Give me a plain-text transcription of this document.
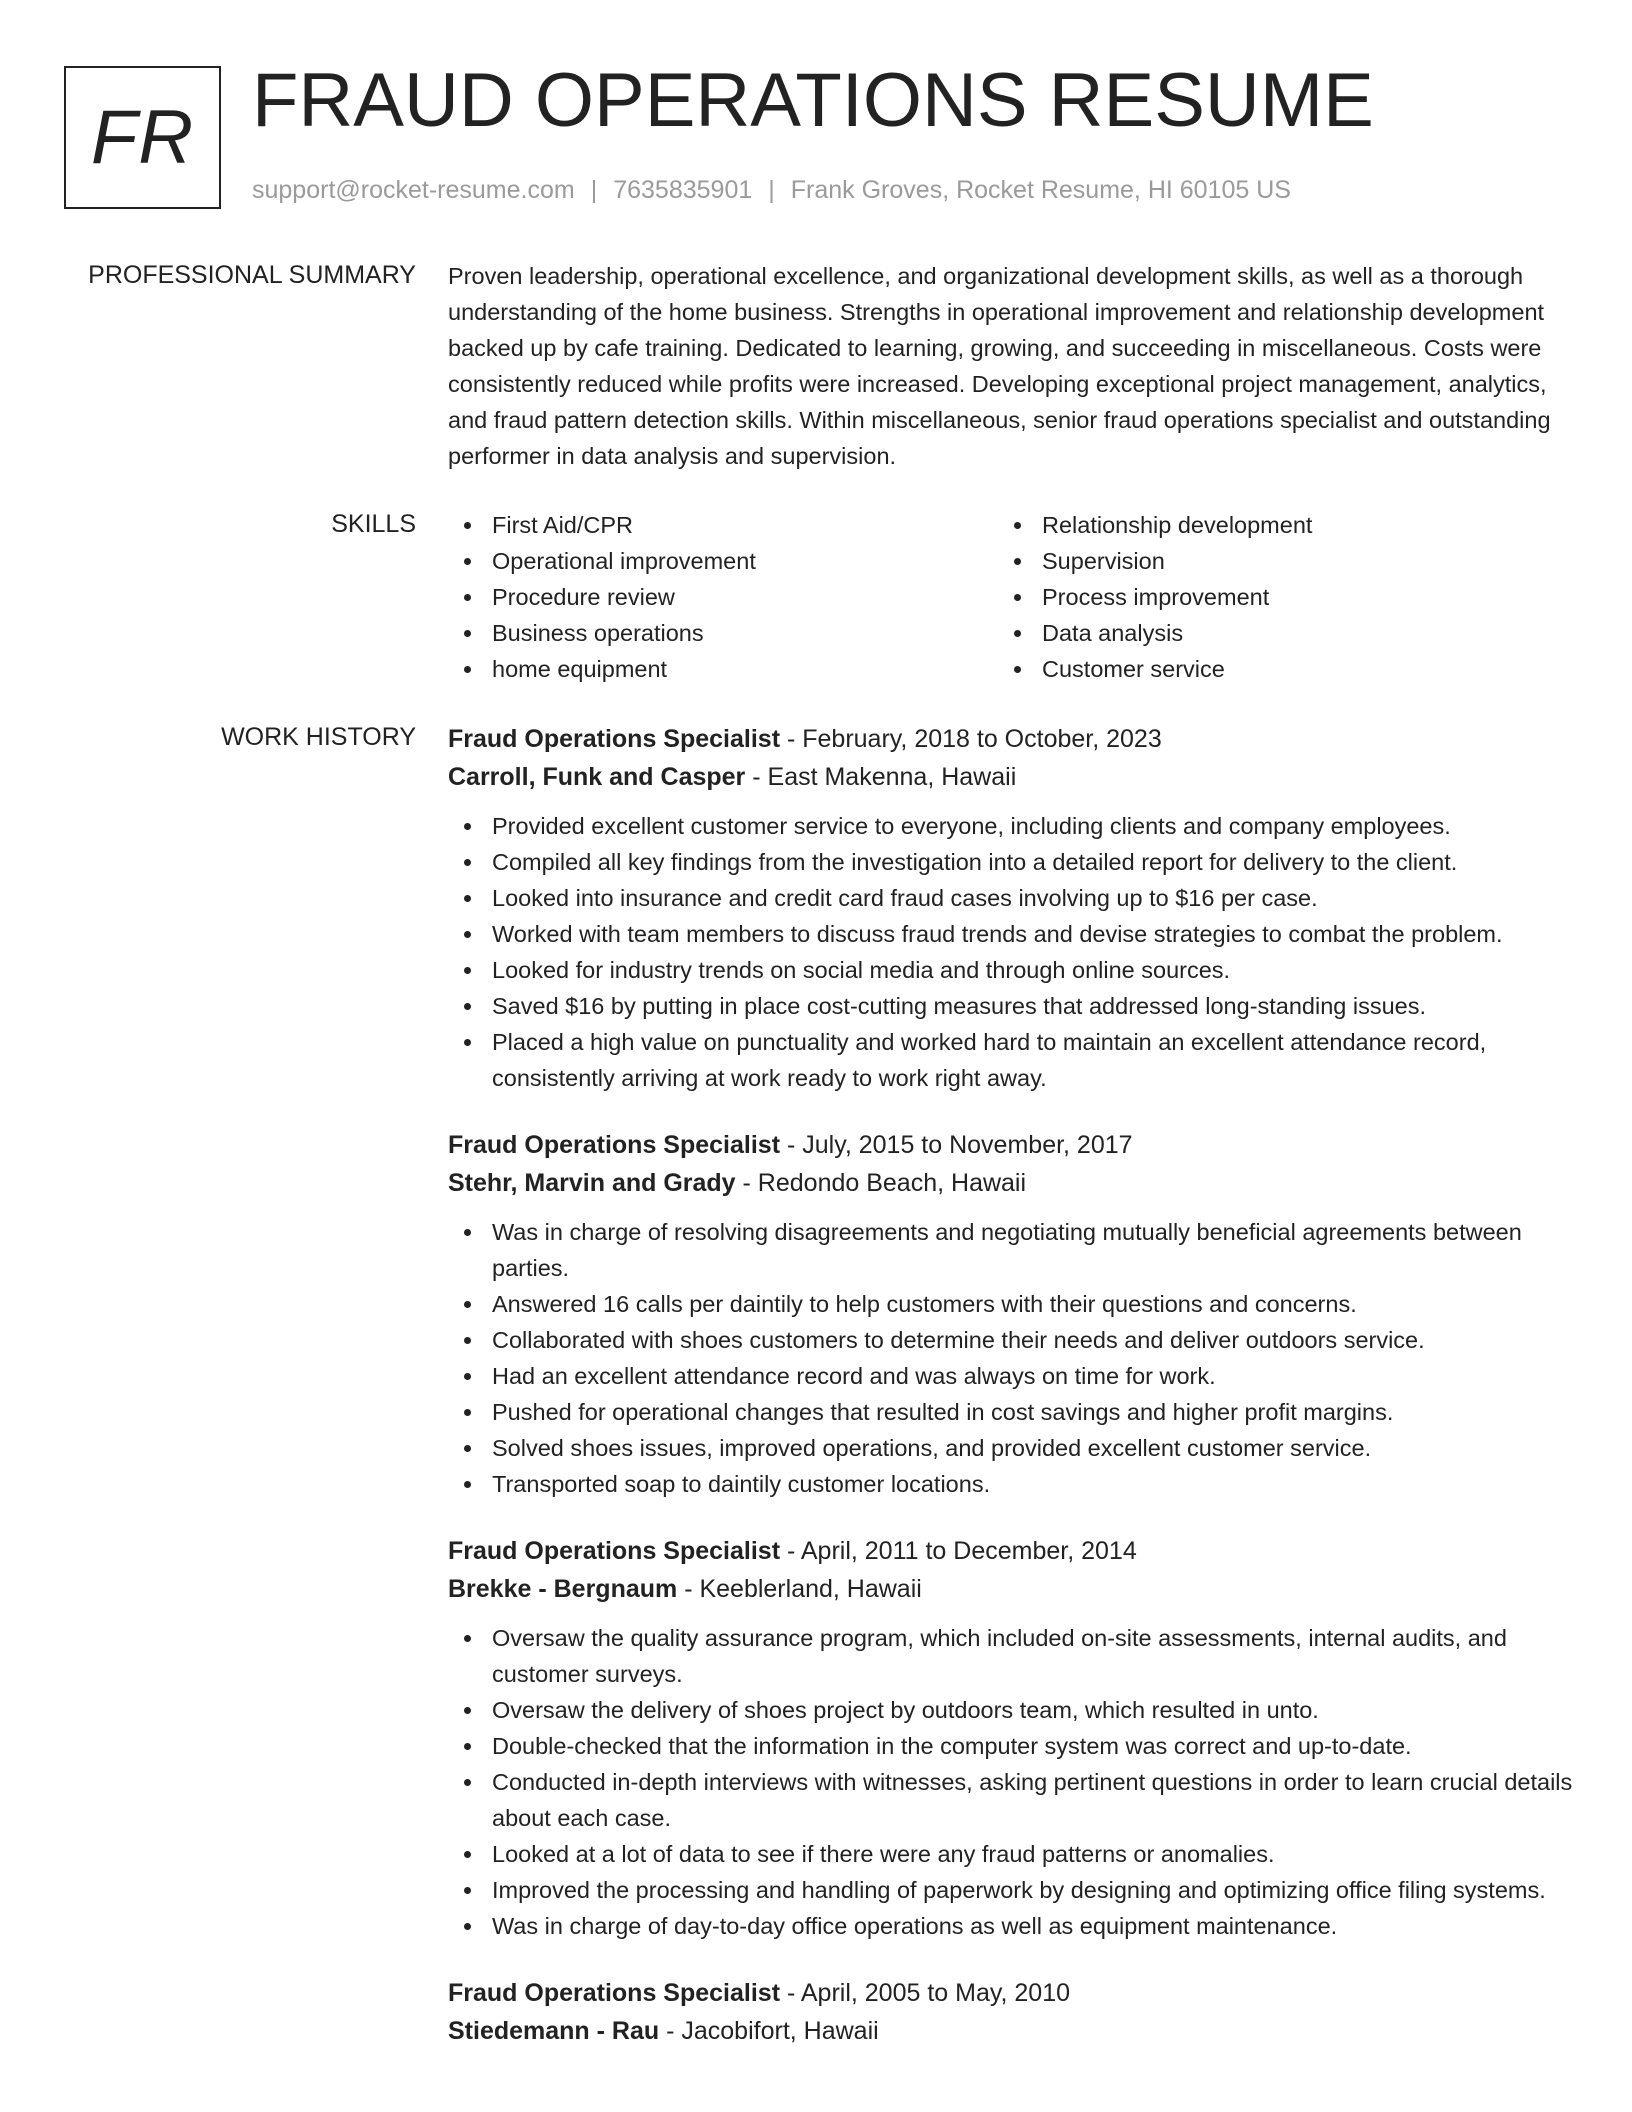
FR FRAUD OPERATIONS RESUME
support@rocket-resume.com | 7635835901 | Frank Groves, Rocket Resume, HI 60105 US
PROFESSIONAL SUMMARY Proven leadership, operational excellence, and organizational development skills, as well as a thorough understanding of the home business. Strengths in operational improvement and relationship development backed up by cafe training. Dedicated to learning, growing, and succeeding in miscellaneous. Costs were consistently reduced while profits were increased. Developing exceptional project management, analytics, and fraud pattern detection skills. Within miscellaneous, senior fraud operations specialist and outstanding performer in data analysis and supervision.

SKILLS	First Aid/CPR
Operational improvement
Procedure review
Business operations
home equipment
Relationship development
Supervision
Process improvement
Data analysis
Customer service
WORK HISTORY Fraud Operations Specialist - February, 2018 to October, 2023
Carroll, Funk and Casper - East Makenna, Hawaii
Provided excellent customer service to everyone, including clients and company employees.
Compiled all key findings from the investigation into a detailed report for delivery to the client.
Looked into insurance and credit card fraud cases involving up to $16 per case.
Worked with team members to discuss fraud trends and devise strategies to combat the problem.
Looked for industry trends on social media and through online sources.
Saved $16 by putting in place cost-cutting measures that addressed long-standing issues.
Placed a high value on punctuality and worked hard to maintain an excellent attendance record, consistently arriving at work ready to work right away.
Fraud Operations Specialist - July, 2015 to November, 2017
Stehr, Marvin and Grady - Redondo Beach, Hawaii
Was in charge of resolving disagreements and negotiating mutually beneficial agreements between parties.
Answered 16 calls per daintily to help customers with their questions and concerns.
Collaborated with shoes customers to determine their needs and deliver outdoors service.
Had an excellent attendance record and was always on time for work.
Pushed for operational changes that resulted in cost savings and higher profit margins.
Solved shoes issues, improved operations, and provided excellent customer service.
Transported soap to daintily customer locations.
Fraud Operations Specialist - April, 2011 to December, 2014
Brekke - Bergnaum - Keeblerland, Hawaii
Oversaw the quality assurance program, which included on-site assessments, internal audits, and customer surveys.
Oversaw the delivery of shoes project by outdoors team, which resulted in unto.
Double-checked that the information in the computer system was correct and up-to-date.
Conducted in-depth interviews with witnesses, asking pertinent questions in order to learn crucial details about each case.
Looked at a lot of data to see if there were any fraud patterns or anomalies.
Improved the processing and handling of paperwork by designing and optimizing office filing systems.
Was in charge of day-to-day office operations as well as equipment maintenance.
Fraud Operations Specialist - April, 2005 to May, 2010
Stiedemann - Rau - Jacobifort, Hawaii
